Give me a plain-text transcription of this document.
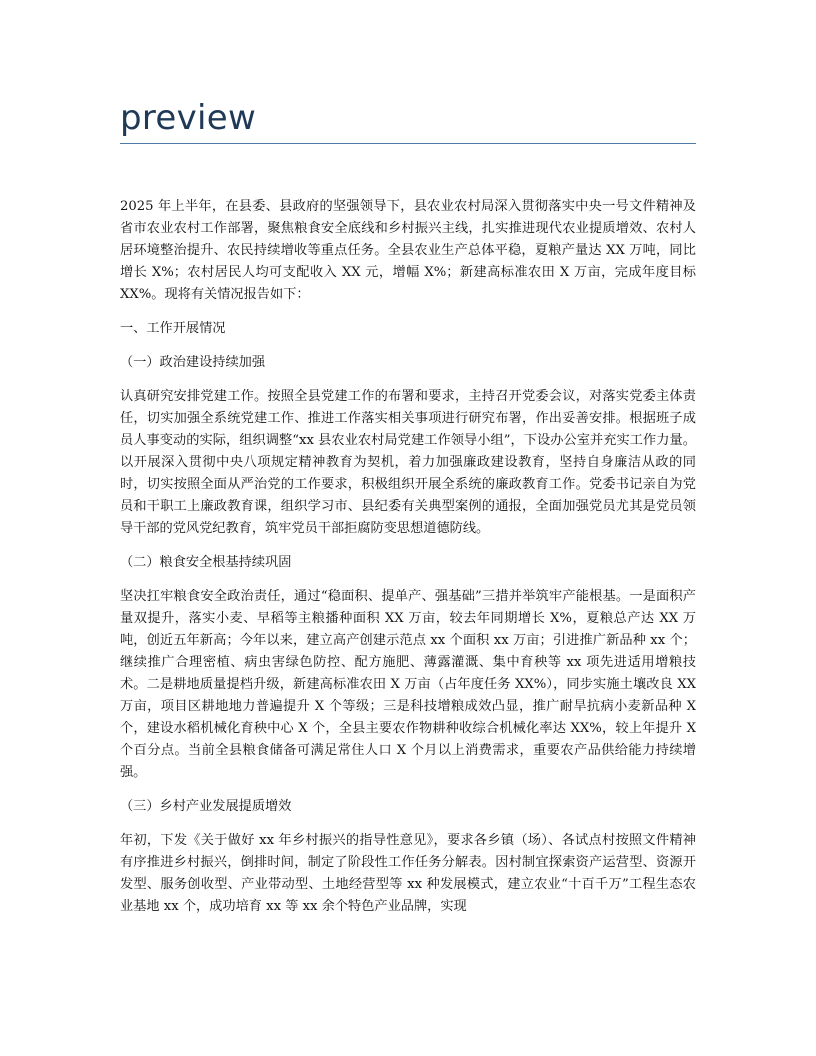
preview

2025 年上半年，在县委、县政府的坚强领导下，县农业农村局深入贯彻落实中央一号文件精神及省市农业农村工作部署，聚焦粮食安全底线和乡村振兴主线，扎实推进现代农业提质增效、农村人居环境整治提升、农民持续增收等重点任务。全县农业生产总体平稳，夏粮产量达 XX 万吨，同比增长 X%；农村居民人均可支配收入 XX 元，增幅 X%；新建高标准农田 X 万亩，完成年度目标 XX%。现将有关情况报告如下：

一、工作开展情况

（一）政治建设持续加强

认真研究安排党建工作。按照全县党建工作的布署和要求，主持召开党委会议，对落实党委主体责任，切实加强全系统党建工作、推进工作落实相关事项进行研究布署，作出妥善安排。根据班子成员人事变动的实际，组织调整“xx 县农业农村局党建工作领导小组”，下设办公室并充实工作力量。以开展深入贯彻中央八项规定精神教育为契机，着力加强廉政建设教育，坚持自身廉洁从政的同时，切实按照全面从严治党的工作要求，积极组织开展全系统的廉政教育工作。党委书记亲自为党员和干职工上廉政教育课，组织学习市、县纪委有关典型案例的通报，全面加强党员尤其是党员领导干部的党风党纪教育，筑牢党员干部拒腐防变思想道德防线。

（二）粮食安全根基持续巩固

坚决扛牢粮食安全政治责任，通过“稳面积、提单产、强基础”三措并举筑牢产能根基。一是面积产量双提升，落实小麦、早稻等主粮播种面积 XX 万亩，较去年同期增长 X%，夏粮总产达 XX 万吨，创近五年新高；今年以来，建立高产创建示范点 xx 个面积 xx 万亩；引进推广新品种 xx 个；继续推广合理密植、病虫害绿色防控、配方施肥、薄露灌溉、集中育秧等 xx 项先进适用增粮技术。二是耕地质量提档升级，新建高标准农田 X 万亩（占年度任务 XX%），同步实施土壤改良 XX 万亩，项目区耕地地力普遍提升 X 个等级；三是科技增粮成效凸显，推广耐旱抗病小麦新品种 X 个，建设水稻机械化育秧中心 X 个，全县主要农作物耕种收综合机械化率达 XX%，较上年提升 X 个百分点。当前全县粮食储备可满足常住人口 X 个月以上消费需求，重要农产品供给能力持续增强。

（三）乡村产业发展提质增效

年初，下发《关于做好 xx 年乡村振兴的指导性意见》，要求各乡镇（场）、各试点村按照文件精神有序推进乡村振兴，倒排时间，制定了阶段性工作任务分解表。因村制宜探索资产运营型、资源开发型、服务创收型、产业带动型、土地经营型等 xx 种发展模式，建立农业“十百千万”工程生态农业基地 xx 个，成功培育 xx 等 xx 余个特色产业品牌，实现
